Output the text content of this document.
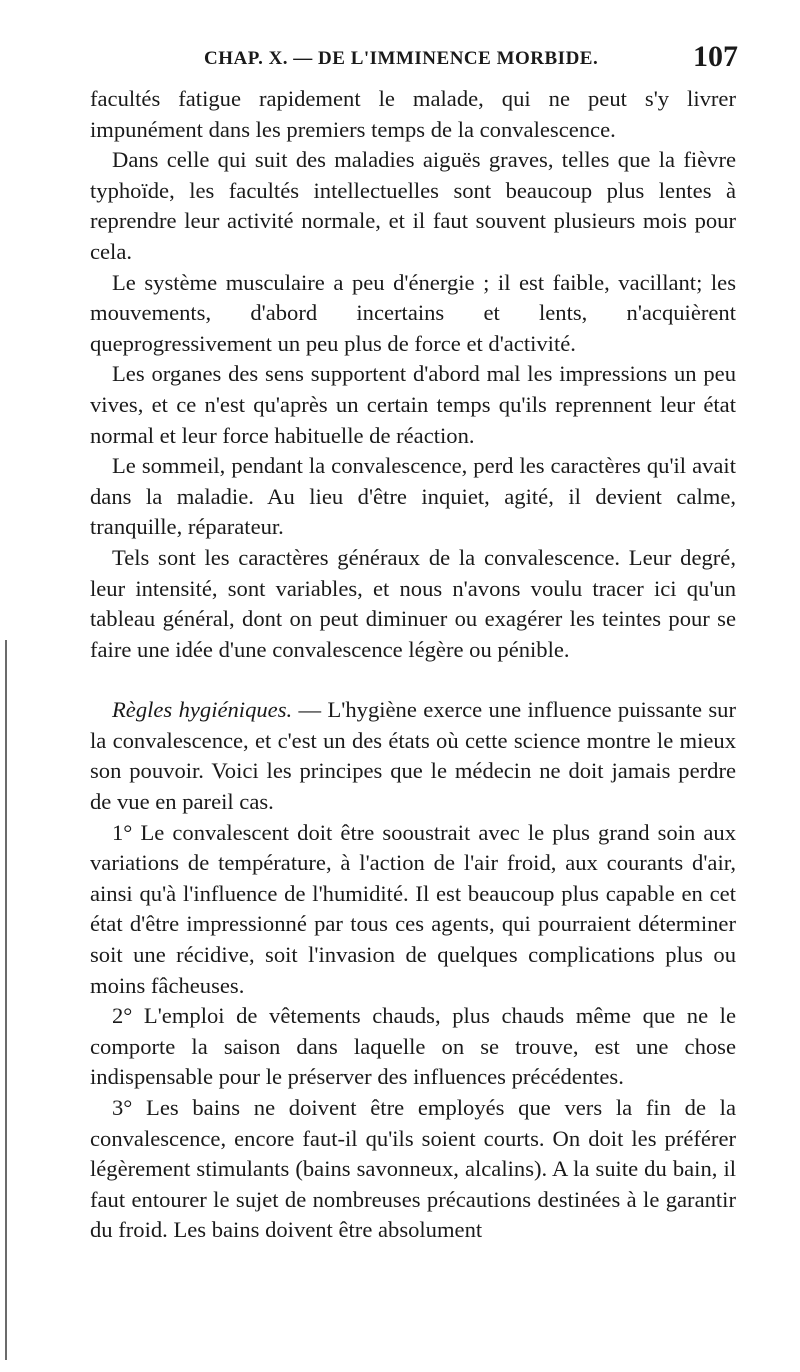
CHAP. X. — DE L'IMMINENCE MORBIDE.	107

facultés fatigue rapidement le malade, qui ne peut s'y livrer impunément dans les premiers temps de la convalescence.

Dans celle qui suit des maladies aiguës graves, telles que la fièvre typhoïde, les facultés intellectuelles sont beaucoup plus lentes à reprendre leur activité normale, et il faut souvent plusieurs mois pour cela.

Le système musculaire a peu d'énergie ; il est faible, vacillant; les mouvements, d'abord incertains et lents, n'acquièrent queprogressivement un peu plus de force et d'activité.

Les organes des sens supportent d'abord mal les impressions un peu vives, et ce n'est qu'après un certain temps qu'ils reprennent leur état normal et leur force habituelle de réaction.

Le sommeil, pendant la convalescence, perd les caractères qu'il avait dans la maladie. Au lieu d'être inquiet, agité, il devient calme, tranquille, réparateur.

Tels sont les caractères généraux de la convalescence. Leur degré, leur intensité, sont variables, et nous n'avons voulu tracer ici qu'un tableau général, dont on peut diminuer ou exagérer les teintes pour se faire une idée d'une convalescence légère ou pénible.

Règles hygiéniques. — L'hygiène exerce une influence puissante sur la convalescence, et c'est un des états où cette science montre le mieux son pouvoir. Voici les principes que le médecin ne doit jamais perdre de vue en pareil cas.

1° Le convalescent doit être sooustrait avec le plus grand soin aux variations de température, à l'action de l'air froid, aux courants d'air, ainsi qu'à l'influence de l'humidité. Il est beaucoup plus capable en cet état d'être impressionné par tous ces agents, qui pourraient déterminer soit une récidive, soit l'invasion de quelques complications plus ou moins fâcheuses.

2° L'emploi de vêtements chauds, plus chauds même que ne le comporte la saison dans laquelle on se trouve, est une chose indispensable pour le préserver des influences précédentes.

3° Les bains ne doivent être employés que vers la fin de la convalescence, encore faut-il qu'ils soient courts. On doit les préférer légèrement stimulants (bains savonneux, alcalins). A la suite du bain, il faut entourer le sujet de nombreuses précautions destinées à le garantir du froid. Les bains doivent être absolument
